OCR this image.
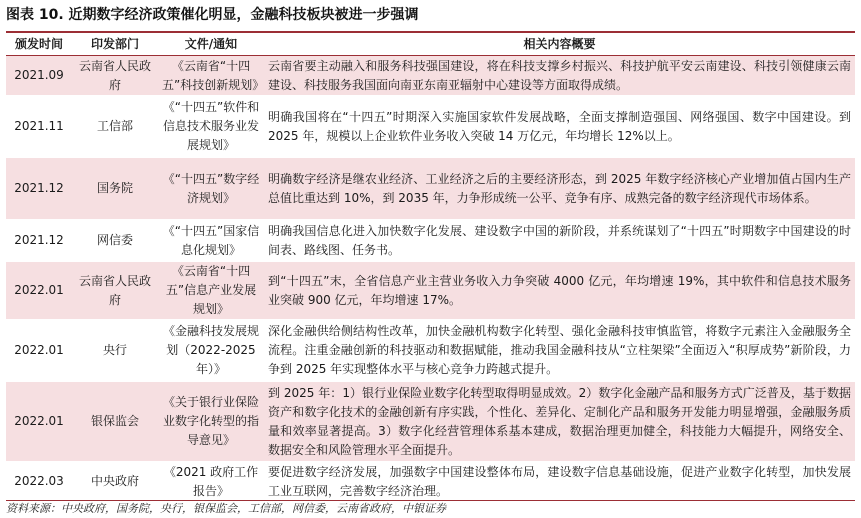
图表 10. 近期数字经济政策催化明显，金融科技板块被进一步强调
颁发时间	印发部门	文件/通知	相关内容概要
2021.09	云南省人民政府	《云南省“十四五”科技创新规划》	云南省要主动融入和服务科技强国建设，将在科技支撑乡村振兴、科技护航平安云南建设、科技引领健康云南建设、科技服务我国面向南亚东南亚辐射中心建设等方面取得成绩。
2021.11	工信部	《“十四五”软件和信息技术服务业发展规划》	明确我国将在“十四五”时期深入实施国家软件发展战略，全面支撑制造强国、网络强国、数字中国建设。到 2025 年，规模以上企业软件业务收入突破 14 万亿元，年均增长 12%以上。
2021.12	国务院	《“十四五”数字经济规划》	明确数字经济是继农业经济、工业经济之后的主要经济形态，到 2025 年数字经济核心产业增加值占国内生产总值比重达到 10%，到 2035 年，力争形成统一公平、竞争有序、成熟完备的数字经济现代市场体系。
2021.12	网信委	《“十四五”国家信息化规划》	明确我国信息化进入加快数字化发展、建设数字中国的新阶段，并系统谋划了“十四五”时期数字中国建设的时间表、路线图、任务书。
2022.01	云南省人民政府	《云南省“十四五”信息产业发展规划》	到“十四五”末，全省信息产业主营业务收入力争突破 4000 亿元，年均增速 19%，其中软件和信息技术服务业突破 900 亿元，年均增速 17%。
2022.01	央行	《金融科技发展规划（2022-2025 年）》	深化金融供给侧结构性改革，加快金融机构数字化转型、强化金融科技审慎监管，将数字元素注入金融服务全流程。注重金融创新的科技驱动和数据赋能，推动我国金融科技从“立柱架梁”全面迈入“积厚成势”新阶段，力争到 2025 年实现整体水平与核心竞争力跨越式提升。
2022.01	银保监会	《关于银行业保险业数字化转型的指导意见》	到 2025 年：1）银行业保险业数字化转型取得明显成效。2）数字化金融产品和服务方式广泛普及，基于数据资产和数字化技术的金融创新有序实践，个性化、差异化、定制化产品和服务开发能力明显增强，金融服务质量和效率显著提高。3）数字化经营管理体系基本建成，数据治理更加健全，科技能力大幅提升，网络安全、数据安全和风险管理水平全面提升。
2022.03	中央政府	《2021 政府工作报告》	要促进数字经济发展，加强数字中国建设整体布局，建设数字信息基础设施，促进产业数字化转型，加快发展工业互联网，完善数字经济治理。
资料来源：中央政府，国务院，央行，银保监会，工信部，网信委，云南省政府，中银证券
